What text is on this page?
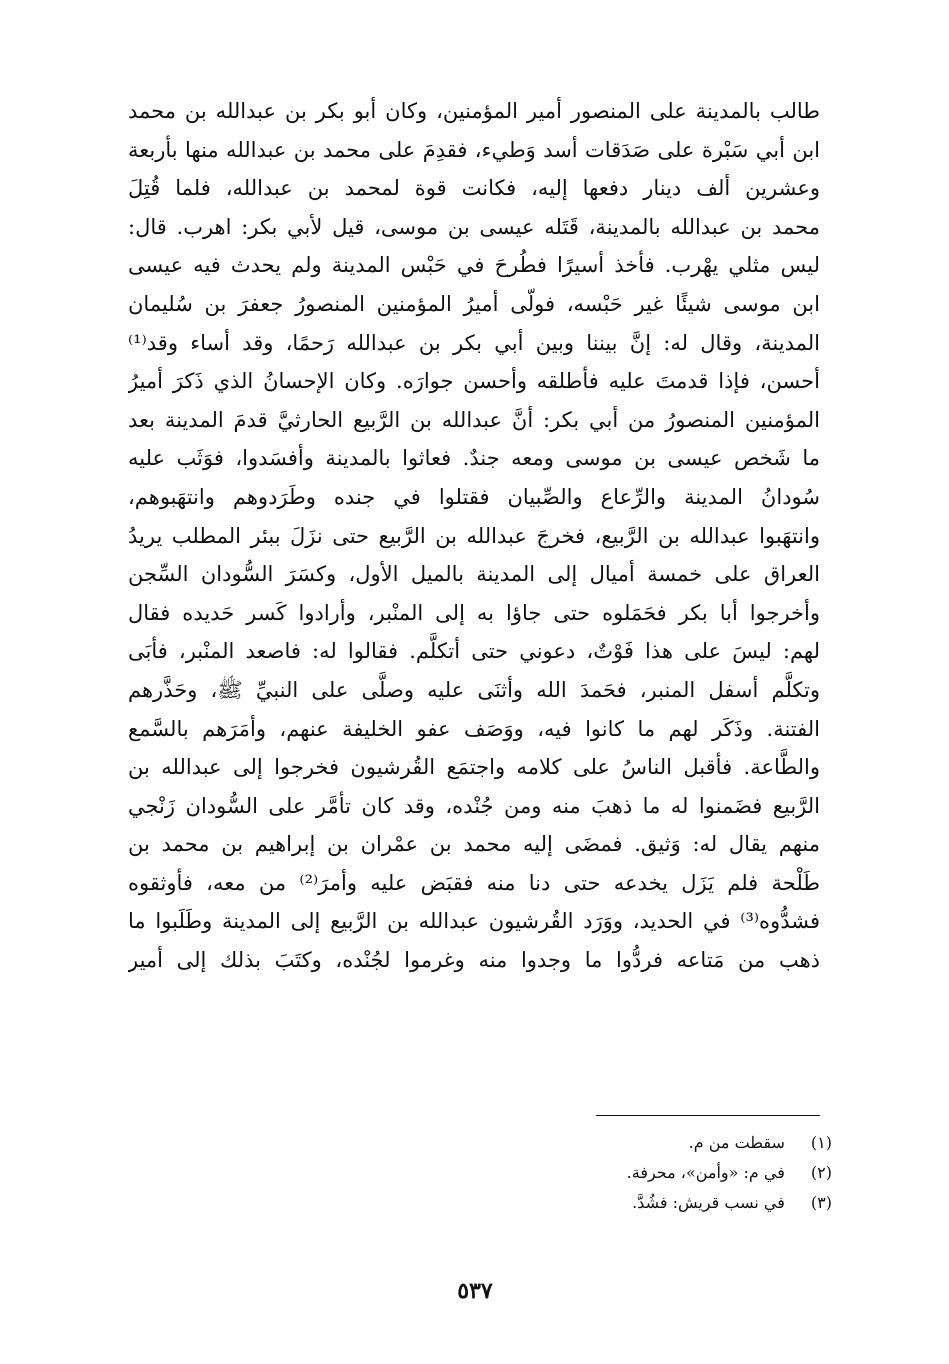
طالب بالمدينة على المنصور أمير المؤمنين، وكان أبو بكر بن عبدالله بن محمد
ابن أبي سَبْرة على صَدَقات أسد وَطيء، فقدِمَ على محمد بن عبدالله منها بأربعة
وعشرين ألف دينار دفعها إليه، فكانت قوة لمحمد بن عبدالله، فلما قُتِلَ
محمد بن عبدالله بالمدينة، قَتَله عيسى بن موسى، قيل لأبي بكر: اهرب. قال:
ليس مثلي يهْرب. فأخذ أسيرًا فطُرحَ في حَبْس المدينة ولم يحدث فيه عيسى
ابن موسى شيئًا غير حَبْسه، فولّى أميرُ المؤمنين المنصورُ جعفرَ بن سُليمان
المدينة، وقال له: إنَّ بيننا وبين أبي بكر بن عبدالله رَحمًا، وقد أساء وقد⁽¹⁾
أحسن، فإذا قدمتَ عليه فأطلقه وأحسن جوارَه. وكان الإحسانُ الذي ذَكرَ أميرُ
المؤمنين المنصورُ من أبي بكر: أنَّ عبدالله بن الرَّبيع الحارثيَّ قدمَ المدينة بعد
ما شَخص عيسى بن موسى ومعه جندٌ. فعاثوا بالمدينة وأفسَدوا، فوَثَب عليه
سُودانُ المدينة والرِّعاع والصِّبيان فقتلوا في جنده وطَرَدوهم وانتهَبوهم،
وانتهَبوا عبدالله بن الرَّبيع، فخرجَ عبدالله بن الرَّبيع حتى نزَلَ ببئر المطلب يريدُ
العراق على خمسة أميال إلى المدينة بالميل الأول، وكسَرَ السُّودان السِّجن
وأخرجوا أبا بكر فحَمَلوه حتى جاؤا به إلى المنْبر، وأرادوا كَسر حَديده فقال
لهم: ليسَ على هذا فَوْتٌ، دعوني حتى أتكلَّم. فقالوا له: فاصعد المنْبر، فأبَى
وتكلَّم أسفل المنبر، فحَمدَ الله وأثنَى عليه وصلَّى على النبيِّ ﷺ، وحَذَّرهم
الفتنة. وذَكَر لهم ما كانوا فيه، ووَصَف عفو الخليفة عنهم، وأمَرَهم بالسَّمع
والطَّاعة. فأقبل الناسُ على كلامه واجتمَع القُرشيون فخرجوا إلى عبدالله بن
الرَّبيع فضَمنوا له ما ذهبَ منه ومن جُنْده، وقد كان تأمَّر على السُّودان زَنْجي
منهم يقال له: وَثيق. فمضَى إليه محمد بن عمْران بن إبراهيم بن محمد بن
طَلْحة فلم يَزَل يخدعه حتى دنا منه فقبَض عليه وأمرَ⁽²⁾ من معه، فأوثقوه
فشدُّوه⁽³⁾ في الحديد، ووَرَد القُرشيون عبدالله بن الرَّبيع إلى المدينة وطَلَبوا ما
ذهب من مَتاعه فردُّوا ما وجدوا منه وغرموا لجُنْده، وكتَبَ بذلك إلى أمير
(١) سقطت من م.
(٢) في م: «وأمن»، محرفة.
(٣) في نسب قريش: فشُدَّ.
٥٣٧
